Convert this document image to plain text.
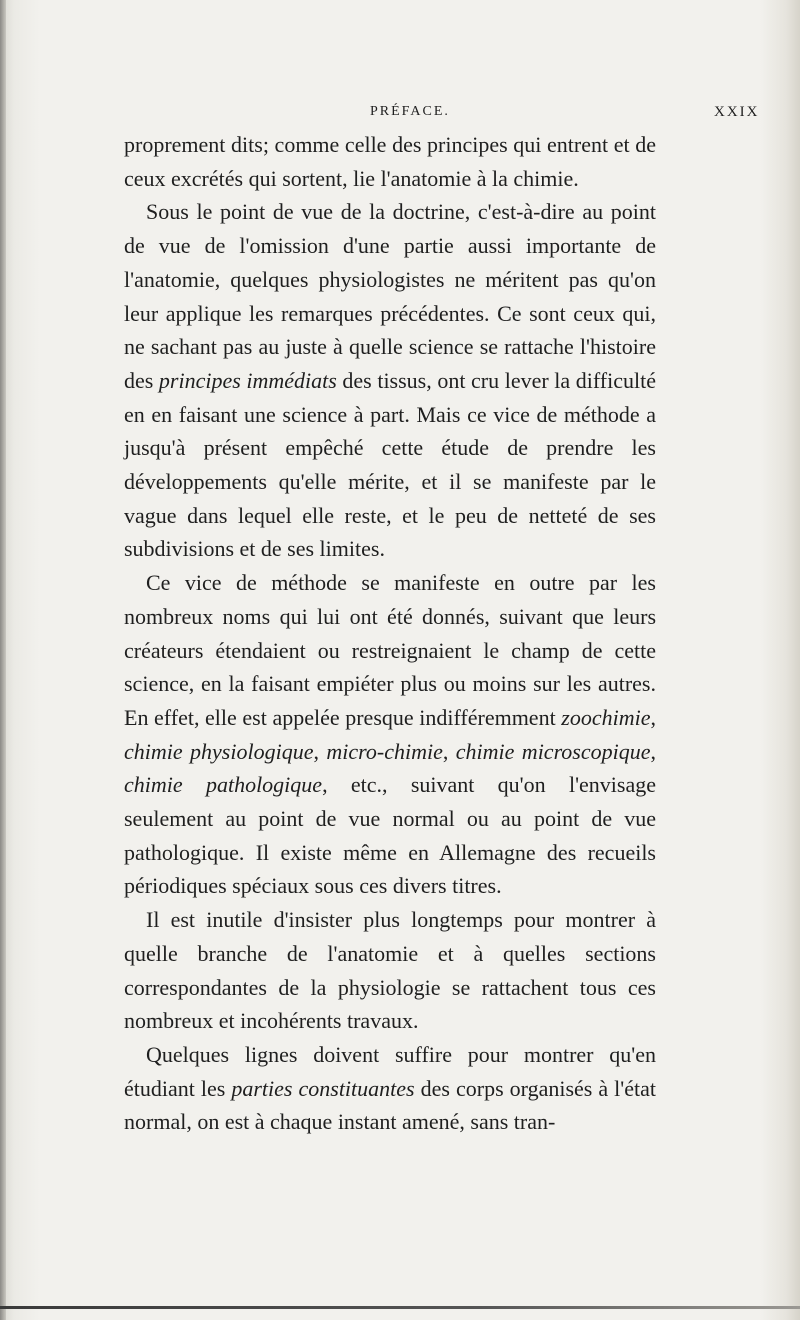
PRÉFACE.	XXIX

proprement dits; comme celle des principes qui entrent et de ceux excrétés qui sortent, lie l'anatomie à la chimie.

Sous le point de vue de la doctrine, c'est-à-dire au point de vue de l'omission d'une partie aussi importante de l'anatomie, quelques physiologistes ne méritent pas qu'on leur applique les remarques précédentes. Ce sont ceux qui, ne sachant pas au juste à quelle science se rattache l'histoire des principes immédiats des tissus, ont cru lever la difficulté en en faisant une science à part. Mais ce vice de méthode a jusqu'à présent empêché cette étude de prendre les développements qu'elle mérite, et il se manifeste par le vague dans lequel elle reste, et le peu de netteté de ses subdivisions et de ses limites.

Ce vice de méthode se manifeste en outre par les nombreux noms qui lui ont été donnés, suivant que leurs créateurs étendaient ou restreignaient le champ de cette science, en la faisant empiéter plus ou moins sur les autres. En effet, elle est appelée presque indifféremment zoochimie, chimie physiologique, micro-chimie, chimie microscopique, chimie pathologique, etc., suivant qu'on l'envisage seulement au point de vue normal ou au point de vue pathologique. Il existe même en Allemagne des recueils périodiques spéciaux sous ces divers titres.

Il est inutile d'insister plus longtemps pour montrer à quelle branche de l'anatomie et à quelles sections correspondantes de la physiologie se rattachent tous ces nombreux et incohérents travaux.

Quelques lignes doivent suffire pour montrer qu'en étudiant les parties constituantes des corps organisés à l'état normal, on est à chaque instant amené, sans tran-
